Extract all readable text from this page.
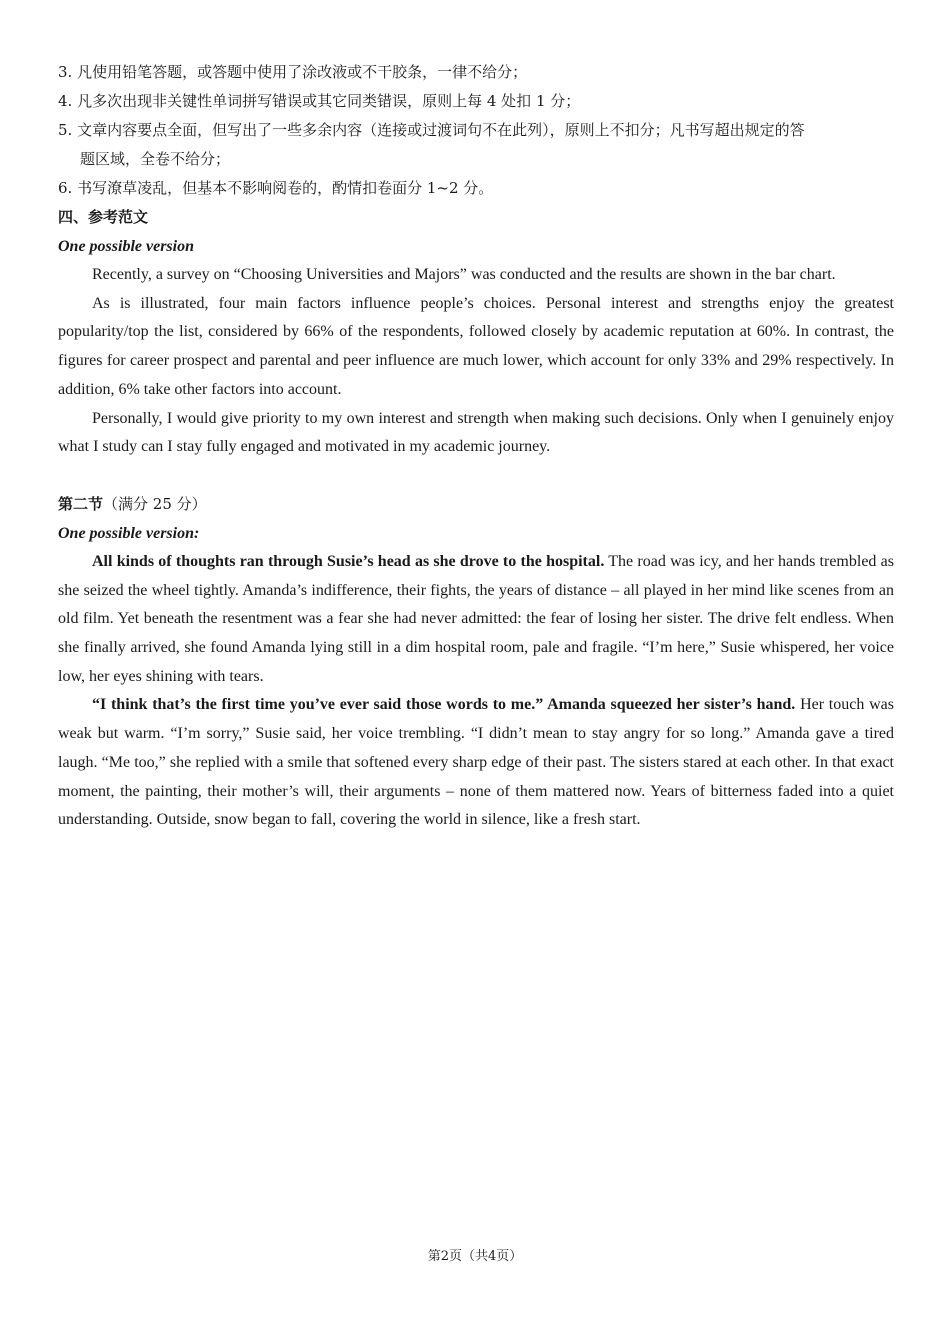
3. 凡使用铅笔答题，或答题中使用了涂改液或不干胶条，一律不给分；
4. 凡多次出现非关键性单词拼写错误或其它同类错误，原则上每 4 处扣 1 分；
5. 文章内容要点全面，但写出了一些多余内容（连接或过渡词句不在此列），原则上不扣分；凡书写超出规定的答
题区域，全卷不给分；
6. 书写潦草凌乱，但基本不影响阅卷的，酌情扣卷面分 1~2 分。
四、参考范文
One possible version

Recently, a survey on “Choosing Universities and Majors” was conducted and the results are shown in the bar chart.

As is illustrated, four main factors influence people’s choices. Personal interest and strengths enjoy the greatest popularity/top the list, considered by 66% of the respondents, followed closely by academic reputation at 60%. In contrast, the figures for career prospect and parental and peer influence are much lower, which account for only 33% and 29% respectively. In addition, 6% take other factors into account.

Personally, I would give priority to my own interest and strength when making such decisions. Only when I genuinely enjoy what I study can I stay fully engaged and motivated in my academic journey.

第二节（满分 25 分）
One possible version:

All kinds of thoughts ran through Susie’s head as she drove to the hospital. The road was icy, and her hands trembled as she seized the wheel tightly. Amanda’s indifference, their fights, the years of distance – all played in her mind like scenes from an old film. Yet beneath the resentment was a fear she had never admitted: the fear of losing her sister. The drive felt endless. When she finally arrived, she found Amanda lying still in a dim hospital room, pale and fragile. “I’m here,” Susie whispered, her voice low, her eyes shining with tears.

“I think that’s the first time you’ve ever said those words to me.” Amanda squeezed her sister’s hand. Her touch was weak but warm. “I’m sorry,” Susie said, her voice trembling. “I didn’t mean to stay angry for so long.” Amanda gave a tired laugh. “Me too,” she replied with a smile that softened every sharp edge of their past. The sisters stared at each other. In that exact moment, the painting, their mother’s will, their arguments – none of them mattered now. Years of bitterness faded into a quiet understanding. Outside, snow began to fall, covering the world in silence, like a fresh start.

第2页（共4页）
